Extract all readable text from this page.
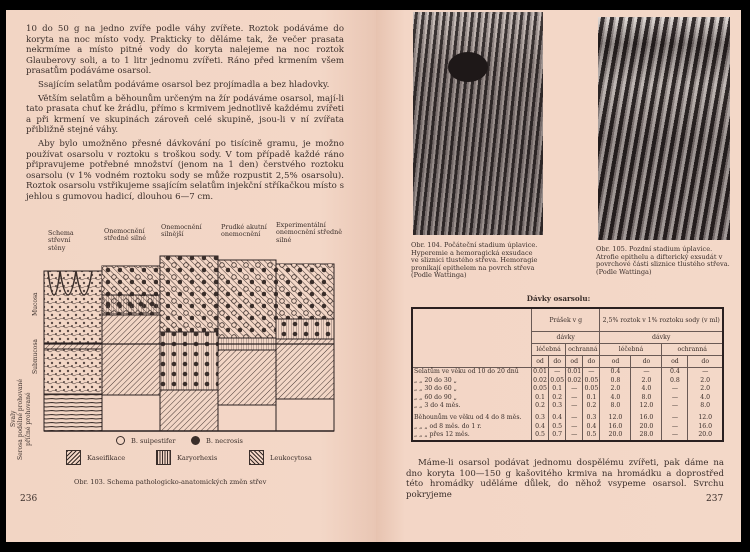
10 do 50 g na jedno zvíře podle váhy zvířete. Roztok podáváme do koryta na noc místo vody. Prakticky to děláme tak, že večer prasata nekrmíme a místo pitné vody do koryta nalejeme na noc roztok Glauberovy soli, a to 1 litr jednomu zvířeti. Ráno před krmením všem prasatům podáváme osarsol.

Ssajícím selatům podáváme osarsol bez projímadla a bez hladovky.

Větším selatům a běhounům určeným na žír podáváme osarsol, mají-li tato prasata chuť ke žrádlu, přímo s krmivem jednotlivě každému zvířeti a při krmení ve skupinách zároveň celé skupině, jsou-li v ní zvířata přibližně stejné váhy.

Aby bylo umožněno přesné dávkování po tisícině gramu, je možno používat osarsolu v roztoku s troškou sody. V tom případě každé ráno připravujeme potřebné množství (jenom na 1 den) čerstvého roztoku osarsolu (v 1% vodném roztoku sody se může rozpustit 2,5% osarsolu). Roztok osarsolu vstřikujeme ssajícím selatům injekční stříkačkou místo s jehlou s gumovou hadicí, dlouhou 6—7 cm.

Schema střevní stěny
Onemocnění středně silné
Onemocnění silnější
Prudké akutní onemocnění
Experimentální onemocnění středně silné
Mucosa
Submucosa
Svaly Serosa podélné prohované příčné prohované	B. suipestifer	B. necrosis
Kaseifikace	Karyorhexis	Leukocytosa
Obr. 103. Schema pathologicko-anatomických změn střev
236
Obr. 104. Počáteční stadium úplavice. Hyperemie a hemoragická exsudace ve sliznici tlustého střeva. Hemoragie pronikají epithelem na povrch střeva (Podle Wattinga)
Obr. 105. Pozdní stadium úplavice. Atrofie epithelu a difterický exsudát v povrchové části sliznice tlustého střeva. (Podle Wattinga)
Dávky osarsolu:
	Prášek v g				2,5% roztok v 1% roztoku sody (v ml)			
	dávky				dávky			
	léčebná		ochranná		léčebná		ochranná	
	od	do	od	do	od	do	od	do
Selatům ve věku od 10 do 20 dnů	0.01	—	0.01	—	0.4	—	0.4	—
„ „ 20 do 30 „	0.02	0.05	0.02	0.05	0.8	2.0	0.8	2.0
„ „ 30 do 60 „	0.05	0.1	—	0.05	2.0	4.0	—	2.0
„ „ 60 do 90 „	0.1	0.2	—	0.1	4.0	8.0	—	4.0
„ „ 3 do 4 měs.	0.2	0.3	—	0.2	8.0	12.0	—	8.0

Běhounům ve věku od 4 do 8 měs.	0.3	0.4	—	0.3	12.0	16.0	—	12.0
„ „ „ od 8 měs. do 1 r.	0.4	0.5	—	0.4	16.0	20.0	—	16.0
„ „ „ přes 12 měs.	0.5	0.7	—	0.5	20.0	28.0	—	20.0

Máme-li osarsol podávat jednomu dospělému zvířeti, pak dáme na dno koryta 100—150 g kašovitého krmiva na hromádku a doprostřed této hromádky uděláme důlek, do něhož vsypeme osarsol. Svrchu pokryjeme	237
